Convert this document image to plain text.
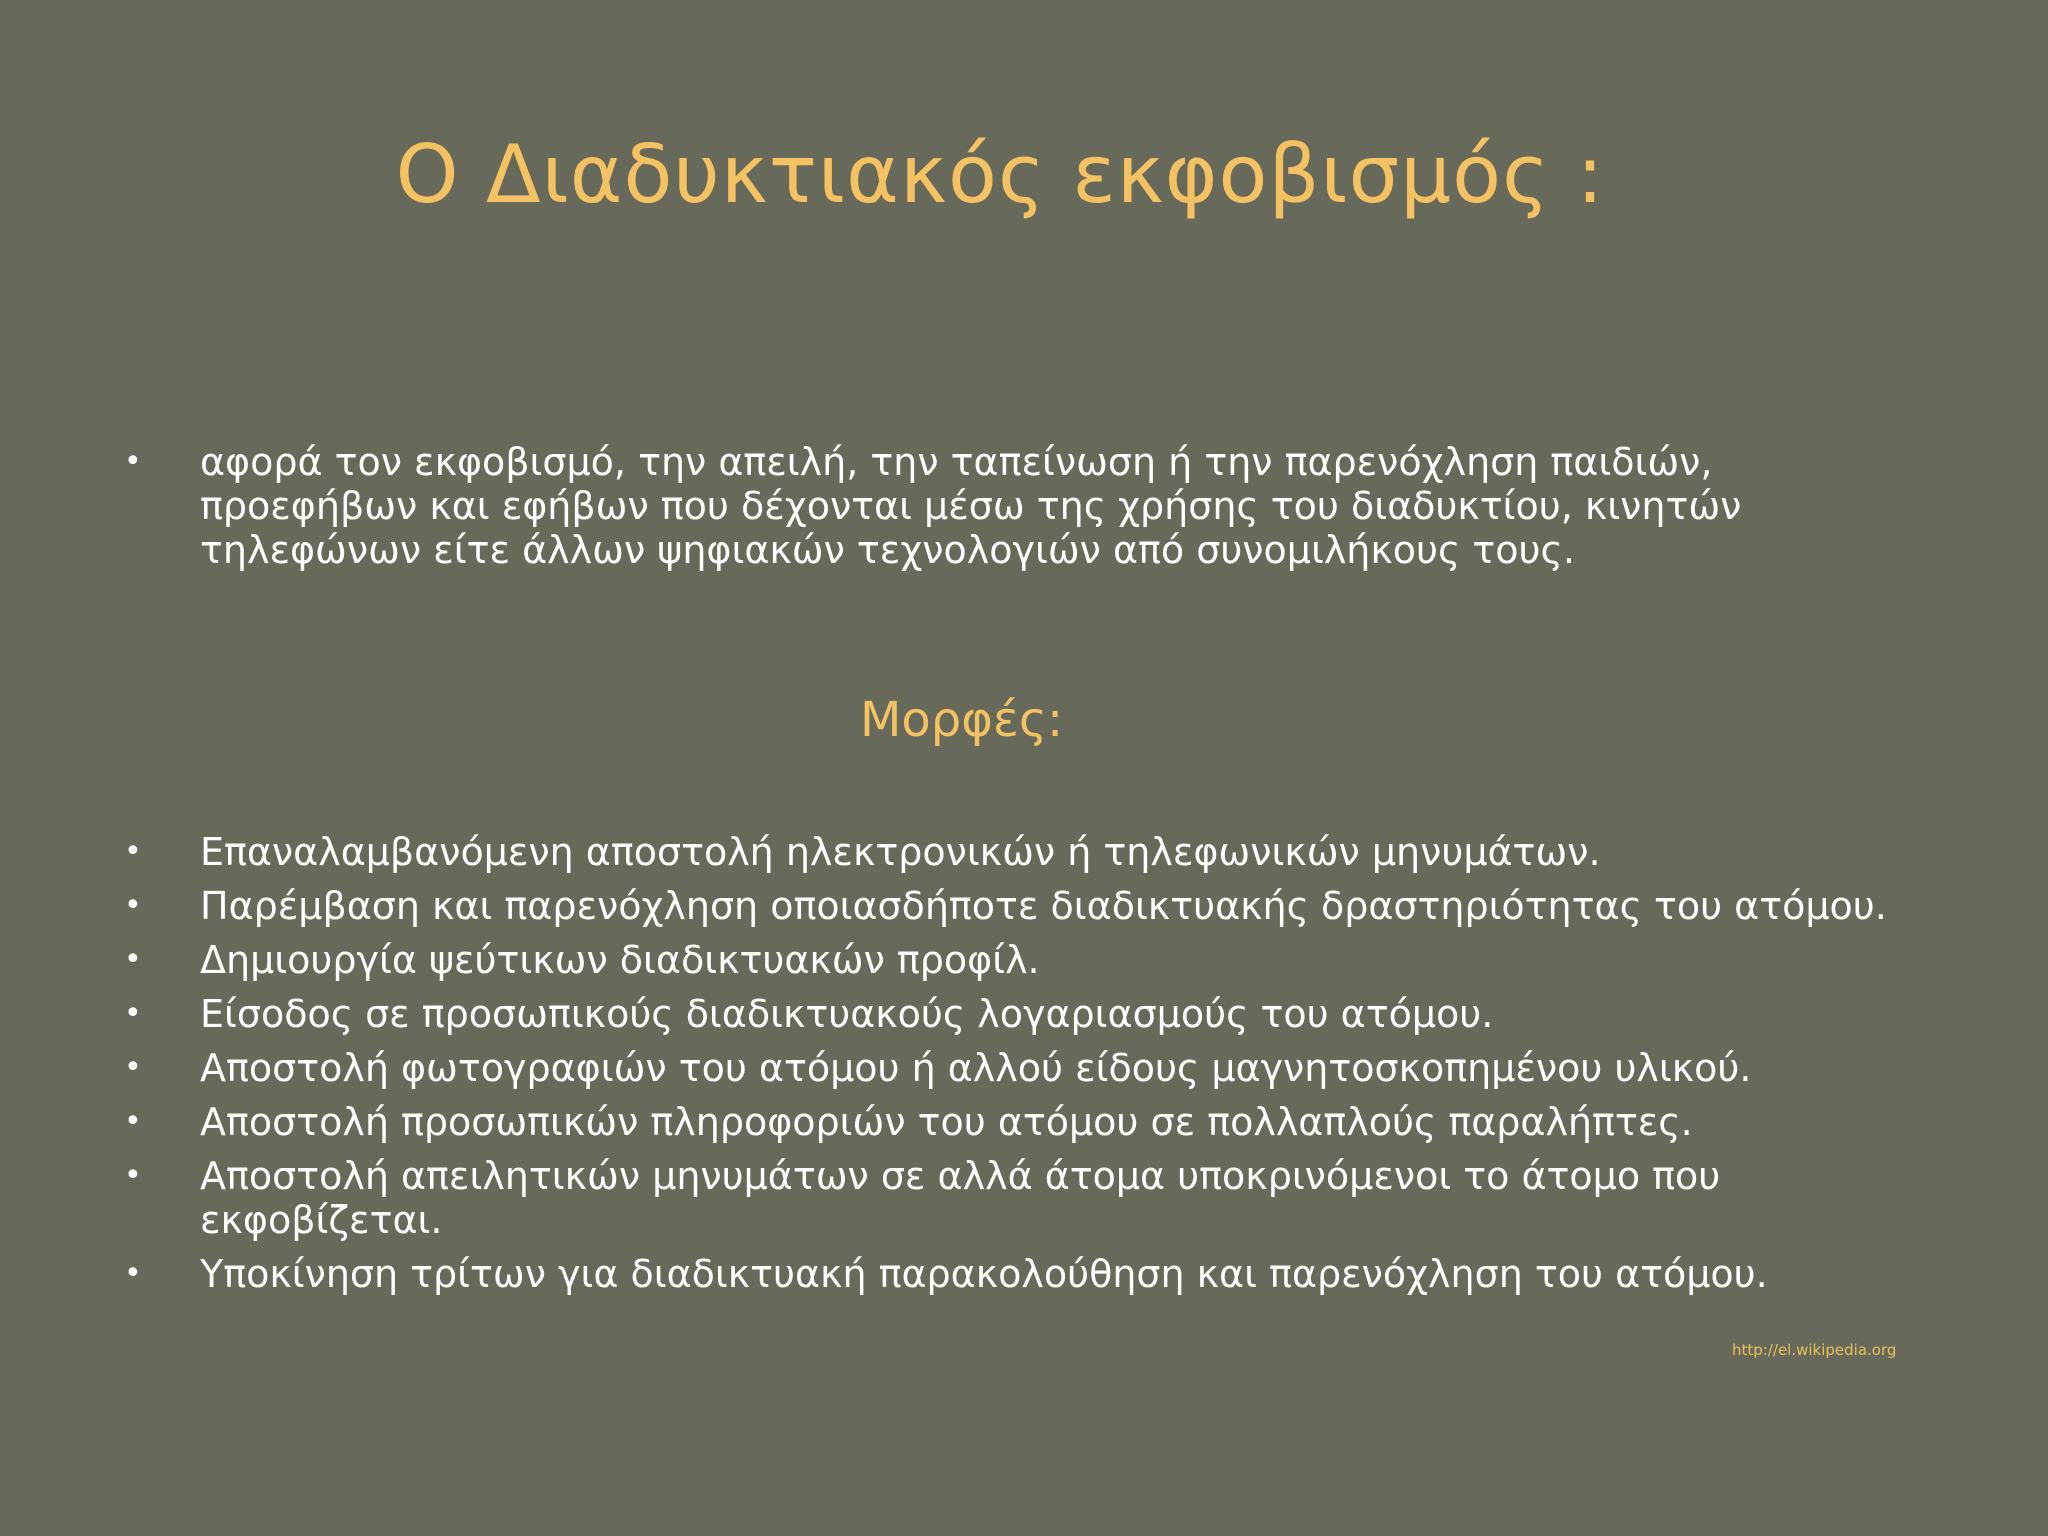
Ο Διαδυκτιακός εκφοβισμός :
• αφορά τον εκφοβισμό, την απειλή, την ταπείνωση ή την παρενόχληση παιδιών, προεφήβων και εφήβων που δέχονται μέσω της χρήσης του διαδυκτίου, κινητών τηλεφώνων είτε άλλων ψηφιακών τεχνολογιών από συνομιλήκους τους.
Μορφές:
• Επαναλαμβανόμενη αποστολή ηλεκτρονικών ή τηλεφωνικών μηνυμάτων.
• Παρέμβαση και παρενόχληση οποιασδήποτε διαδικτυακής δραστηριότητας του ατόμου.
• Δημιουργία ψεύτικων διαδικτυακών προφίλ.
• Είσοδος σε προσωπικούς διαδικτυακούς λογαριασμούς του ατόμου.
• Αποστολή φωτογραφιών του ατόμου ή αλλού είδους μαγνητοσκοπημένου υλικού.
• Αποστολή προσωπικών πληροφοριών του ατόμου σε πολλαπλούς παραλήπτες.
• Αποστολή απειλητικών μηνυμάτων σε αλλά άτομα υποκρινόμενοι το άτομο που εκφοβίζεται.
• Υποκίνηση τρίτων για διαδικτυακή παρακολούθηση και παρενόχληση του ατόμου.
http://el.wikipedia.org
